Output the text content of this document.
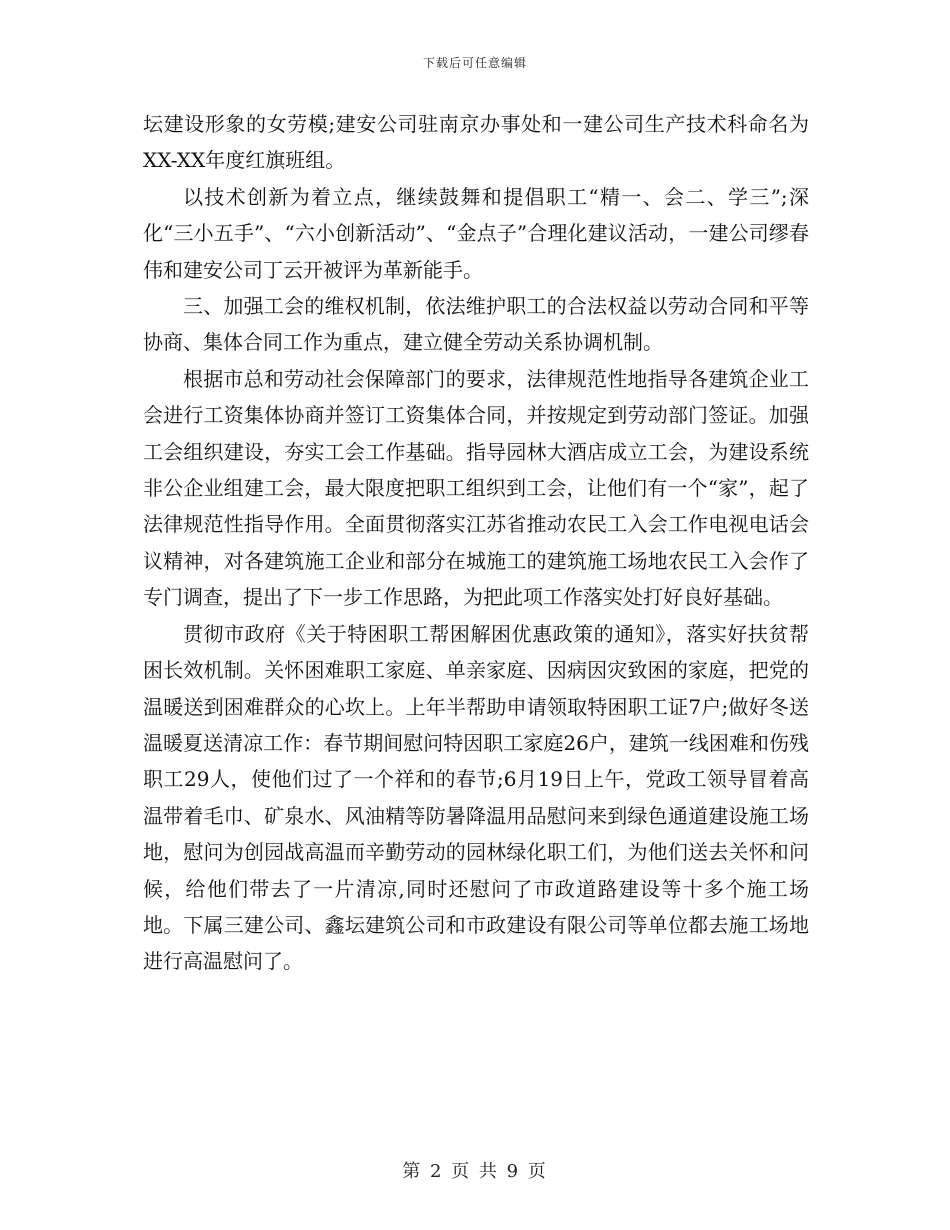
下载后可任意编辑

坛建设形象的女劳模;建安公司驻南京办事处和一建公司生产技术科命名为XX-XX年度红旗班组。

以技术创新为着立点，继续鼓舞和提倡职工“精一、会二、学三”;深化“三小五手”、“六小创新活动”、“金点子”合理化建议活动，一建公司缪春伟和建安公司丁云开被评为革新能手。

三、加强工会的维权机制，依法维护职工的合法权益以劳动合同和平等协商、集体合同工作为重点，建立健全劳动关系协调机制。

根据市总和劳动社会保障部门的要求，法律规范性地指导各建筑企业工会进行工资集体协商并签订工资集体合同，并按规定到劳动部门签证。加强工会组织建设，夯实工会工作基础。指导园林大酒店成立工会，为建设系统非公企业组建工会，最大限度把职工组织到工会，让他们有一个“家”，起了法律规范性指导作用。全面贯彻落实江苏省推动农民工入会工作电视电话会议精神，对各建筑施工企业和部分在城施工的建筑施工场地农民工入会作了专门调查，提出了下一步工作思路，为把此项工作落实处打好良好基础。

贯彻市政府《关于特困职工帮困解困优惠政策的通知》，落实好扶贫帮困长效机制。关怀困难职工家庭、单亲家庭、因病因灾致困的家庭，把党的温暖送到困难群众的心坎上。上年半帮助申请领取特困职工证7户;做好冬送温暖夏送清凉工作：春节期间慰问特因职工家庭26户，建筑一线困难和伤残职工29人，使他们过了一个祥和的春节;6月19日上午，党政工领导冒着高温带着毛巾、矿泉水、风油精等防暑降温用品慰问来到绿色通道建设施工场地，慰问为创园战高温而辛勤劳动的园林绿化职工们，为他们送去关怀和问候，给他们带去了一片清凉,同时还慰问了市政道路建设等十多个施工场地。下属三建公司、鑫坛建筑公司和市政建设有限公司等单位都去施工场地进行高温慰问了。

第 2 页 共 9 页
